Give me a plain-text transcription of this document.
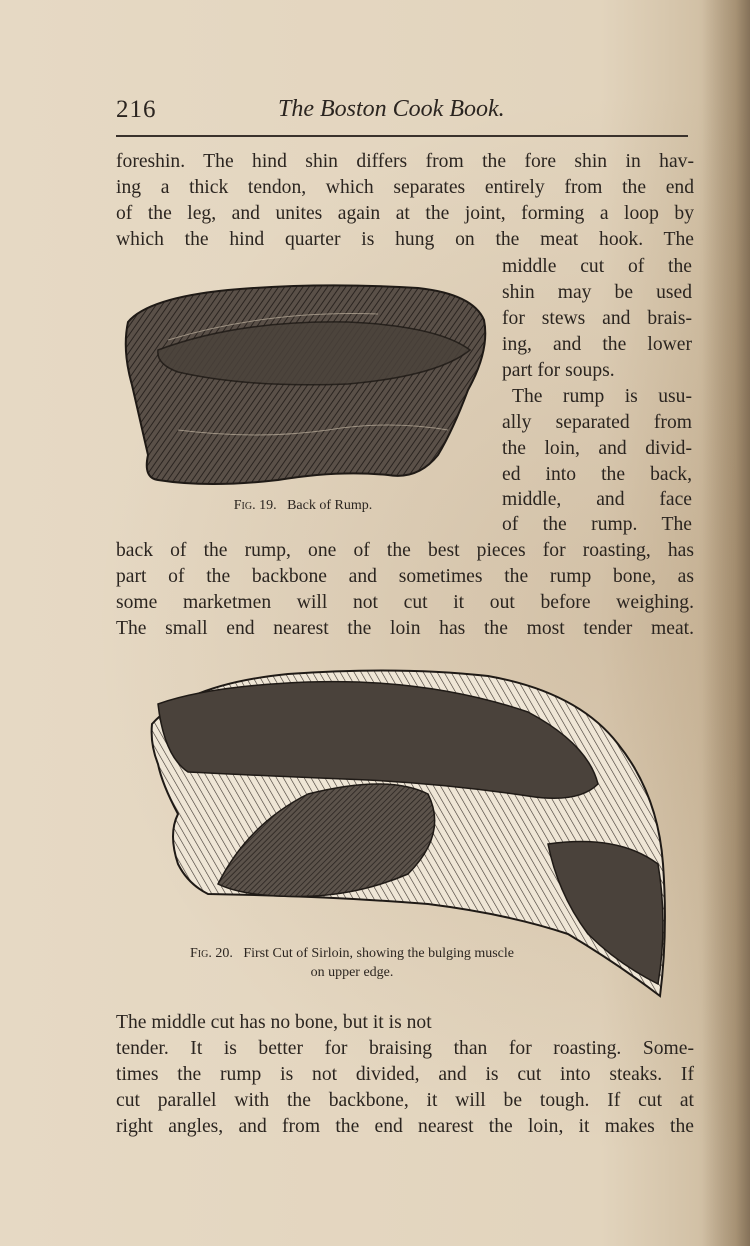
216	The Boston Cook Book.
foreshin. The hind shin differs from the fore shin in hav-
ing a thick tendon, which separates entirely from the end
of the leg, and unites again at the joint, forming a loop by
which the hind quarter is hung on the meat hook. The
middle cut of the
shin may be used
for stews and brais-
ing, and the lower
part for soups.
The rump is usu-
ally separated from
the loin, and divid-
ed into the back,
middle, and face
of the rump. The
back of the rump, one of the best pieces for roasting, has
part of the backbone and sometimes the rump bone, as
some marketmen will not cut it out before weighing.
The small end nearest the loin has the most tender meat.
The middle cut has no bone, but it is not
tender. It is better for braising than for roasting. Some-
times the rump is not divided, and is cut into steaks. If
cut parallel with the backbone, it will be tough. If cut at
right angles, and from the end nearest the loin, it makes the
Fig. 19. Back of Rump.
Fig. 20. First Cut of Sirloin, showing the bulging muscle
on upper edge.
